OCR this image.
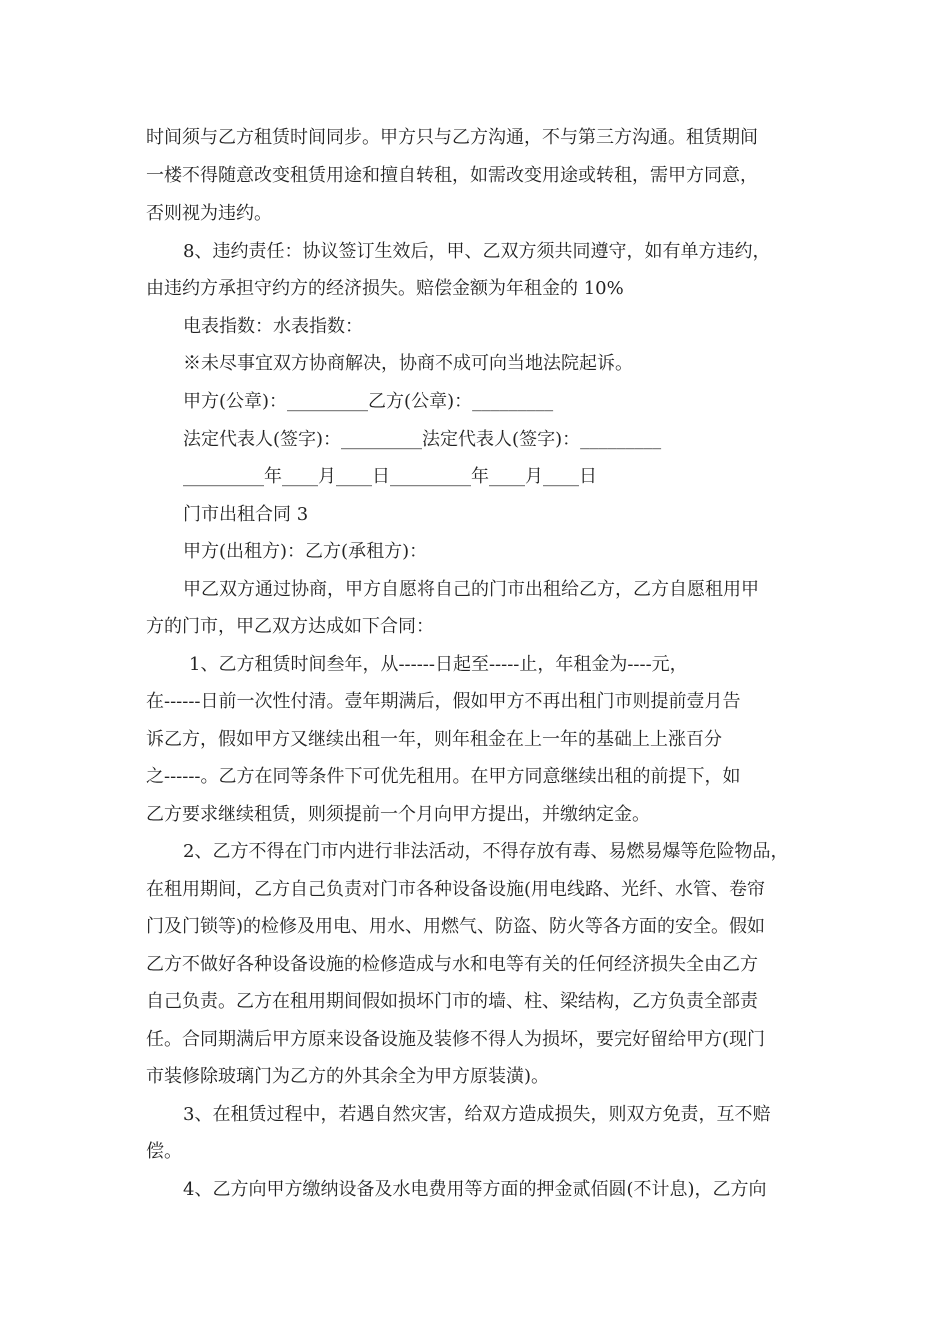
时间须与乙方租赁时间同步。甲方只与乙方沟通，不与第三方沟通。租赁期间
一楼不得随意改变租赁用途和擅自转租，如需改变用途或转租，需甲方同意，
否则视为违约。
8、违约责任：协议签订生效后，甲、乙双方须共同遵守，如有单方违约，
由违约方承担守约方的经济损失。赔偿金额为年租金的 10%
电表指数：水表指数：
※未尽事宜双方协商解决，协商不成可向当地法院起诉。
甲方(公章)：_________乙方(公章)：_________
法定代表人(签字)：_________法定代表人(签字)：_________
_________年____月____日_________年____月____日
门市出租合同 3
甲方(出租方)：乙方(承租方)：
甲乙双方通过协商，甲方自愿将自己的门市出租给乙方，乙方自愿租用甲
方的门市，甲乙双方达成如下合同：
1、乙方租赁时间叁年，从------日起至-----止，年租金为----元，
在------日前一次性付清。壹年期满后，假如甲方不再出租门市则提前壹月告
诉乙方，假如甲方又继续出租一年，则年租金在上一年的基础上上涨百分
之------。乙方在同等条件下可优先租用。在甲方同意继续出租的前提下，如
乙方要求继续租赁，则须提前一个月向甲方提出，并缴纳定金。
2、乙方不得在门市内进行非法活动，不得存放有毒、易燃易爆等危险物品，
在租用期间，乙方自己负责对门市各种设备设施(用电线路、光纤、水管、卷帘
门及门锁等)的检修及用电、用水、用燃气、防盗、防火等各方面的安全。假如
乙方不做好各种设备设施的检修造成与水和电等有关的任何经济损失全由乙方
自己负责。乙方在租用期间假如损坏门市的墙、柱、梁结构，乙方负责全部责
任。合同期满后甲方原来设备设施及装修不得人为损坏，要完好留给甲方(现门
市装修除玻璃门为乙方的外其余全为甲方原装潢)。
3、在租赁过程中，若遇自然灾害，给双方造成损失，则双方免责，互不赔
偿。
4、乙方向甲方缴纳设备及水电费用等方面的押金贰佰圆(不计息)，乙方向
